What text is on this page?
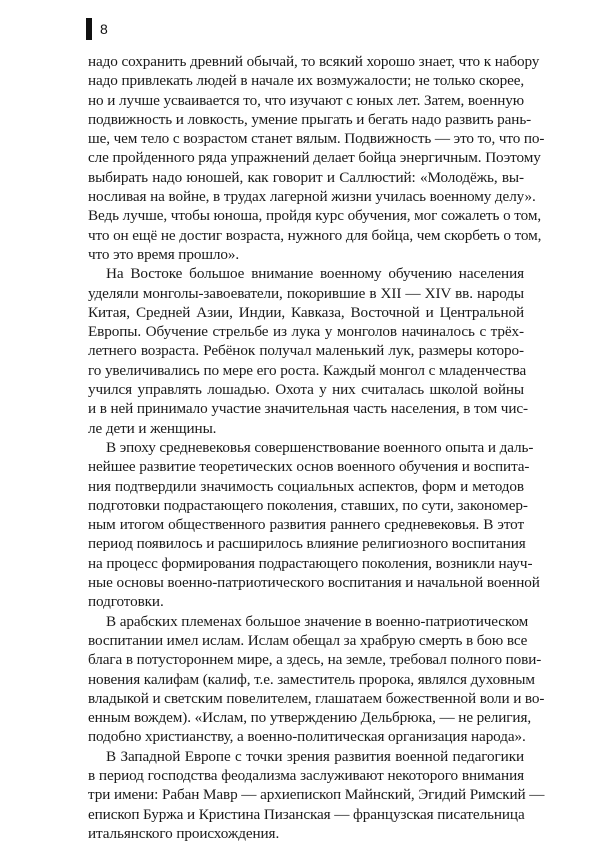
8
надо сохранить древний обычай, то всякий хорошо знает, что к набору
надо привлекать людей в начале их возмужалости; не только скорее,
но и лучше усваивается то, что изучают с юных лет. Затем, военную
подвижность и ловкость, умение прыгать и бегать надо развить рань-
ше, чем тело с возрастом станет вялым. Подвижность — это то, что по-
сле пройденного ряда упражнений делает бойца энергичным. Поэтому
выбирать надо юношей, как говорит и Саллюстий: «Молодёжь, вы-
носливая на войне, в трудах лагерной жизни училась военному делу».
Ведь лучше, чтобы юноша, пройдя курс обучения, мог сожалеть о том,
что он ещё не достиг возраста, нужного для бойца, чем скорбеть о том,
что это время прошло».
На Востоке большое внимание военному обучению населения
уделяли монголы-завоеватели, покорившие в XII — XIV вв. народы
Китая, Средней Азии, Индии, Кавказа, Восточной и Центральной
Европы. Обучение стрельбе из лука у монголов начиналось с трёх-
летнего возраста. Ребёнок получал маленький лук, размеры которо-
го увеличивались по мере его роста. Каждый монгол с младенчества
учился управлять лошадью. Охота у них считалась школой войны
и в ней принимало участие значительная часть населения, в том чис-
ле дети и женщины.
В эпоху средневековья совершенствование военного опыта и даль-
нейшее развитие теоретических основ военного обучения и воспита-
ния подтвердили значимость социальных аспектов, форм и методов
подготовки подрастающего поколения, ставших, по сути, закономер-
ным итогом общественного развития раннего средневековья. В этот
период появилось и расширилось влияние религиозного воспитания
на процесс формирования подрастающего поколения, возникли науч-
ные основы военно-патриотического воспитания и начальной военной
подготовки.
В арабских племенах большое значение в военно-патриотическом
воспитании имел ислам. Ислам обещал за храбрую смерть в бою все
блага в потустороннем мире, а здесь, на земле, требовал полного пови-
новения калифам (калиф, т.е. заместитель пророка, являлся духовным
владыкой и светским повелителем, глашатаем божественной воли и во-
енным вождем). «Ислам, по утверждению Дельбрюка, — не религия,
подобно христианству, а военно-политическая организация народа».
В Западной Европе с точки зрения развития военной педагогики
в период господства феодализма заслуживают некоторого внимания
три имени: Рабан Мавр — архиепископ Майнский, Эгидий Римский —
епископ Буржа и Кристина Пизанская — французская писательница
итальянского происхождения.
